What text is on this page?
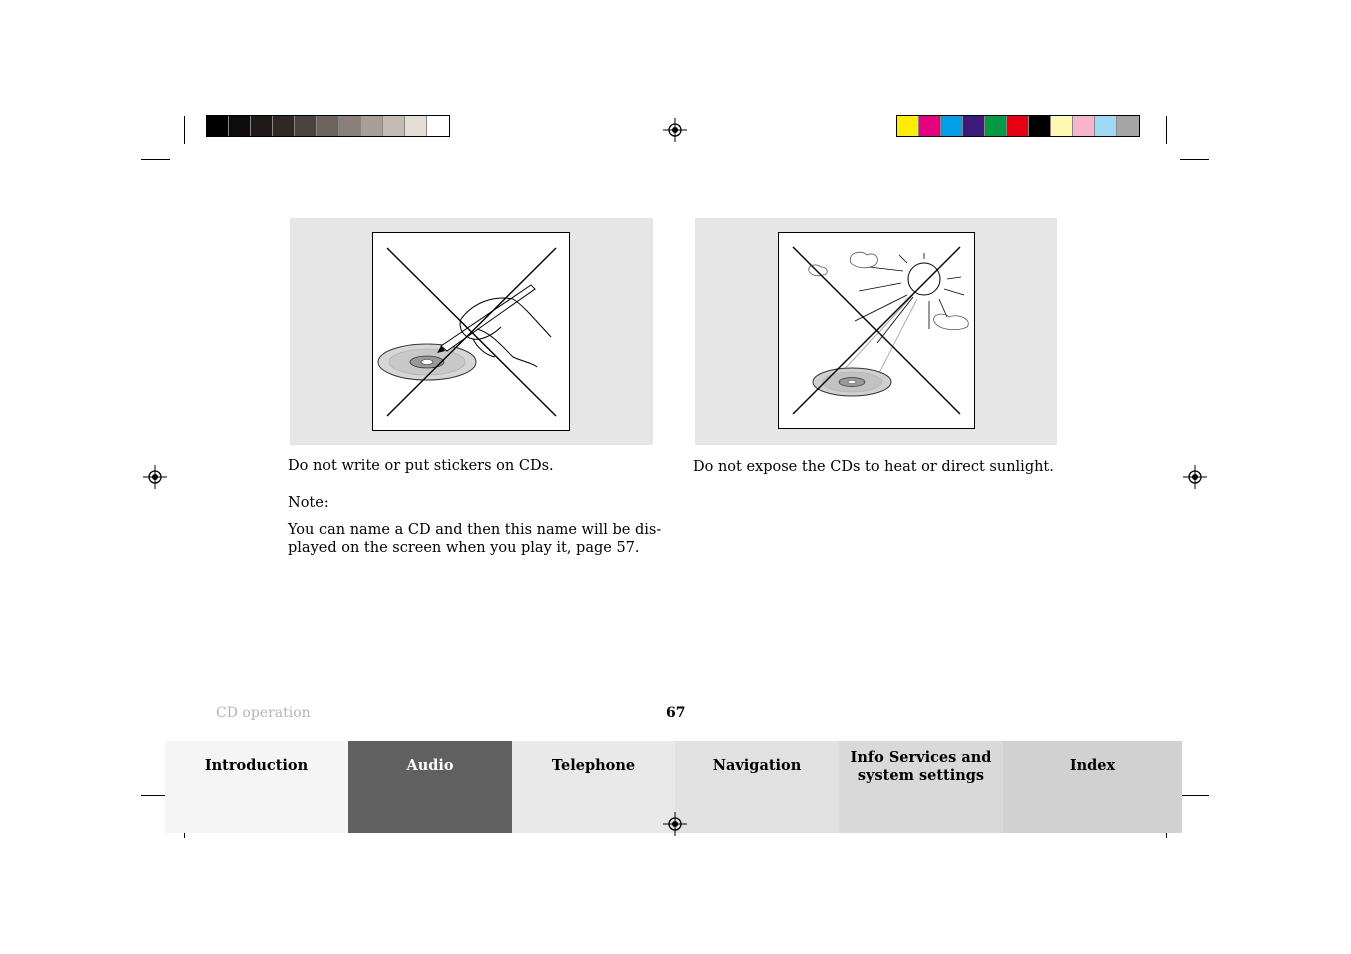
Do not write or put stickers on CDs.
Note:
You can name a CD and then this name will be dis-
played on the screen when you play it, page 57.
Do not expose the CDs to heat or direct sunlight.
CD operation	67
Introduction	Audio	Telephone	Navigation	Info Services and
system settings
Index
